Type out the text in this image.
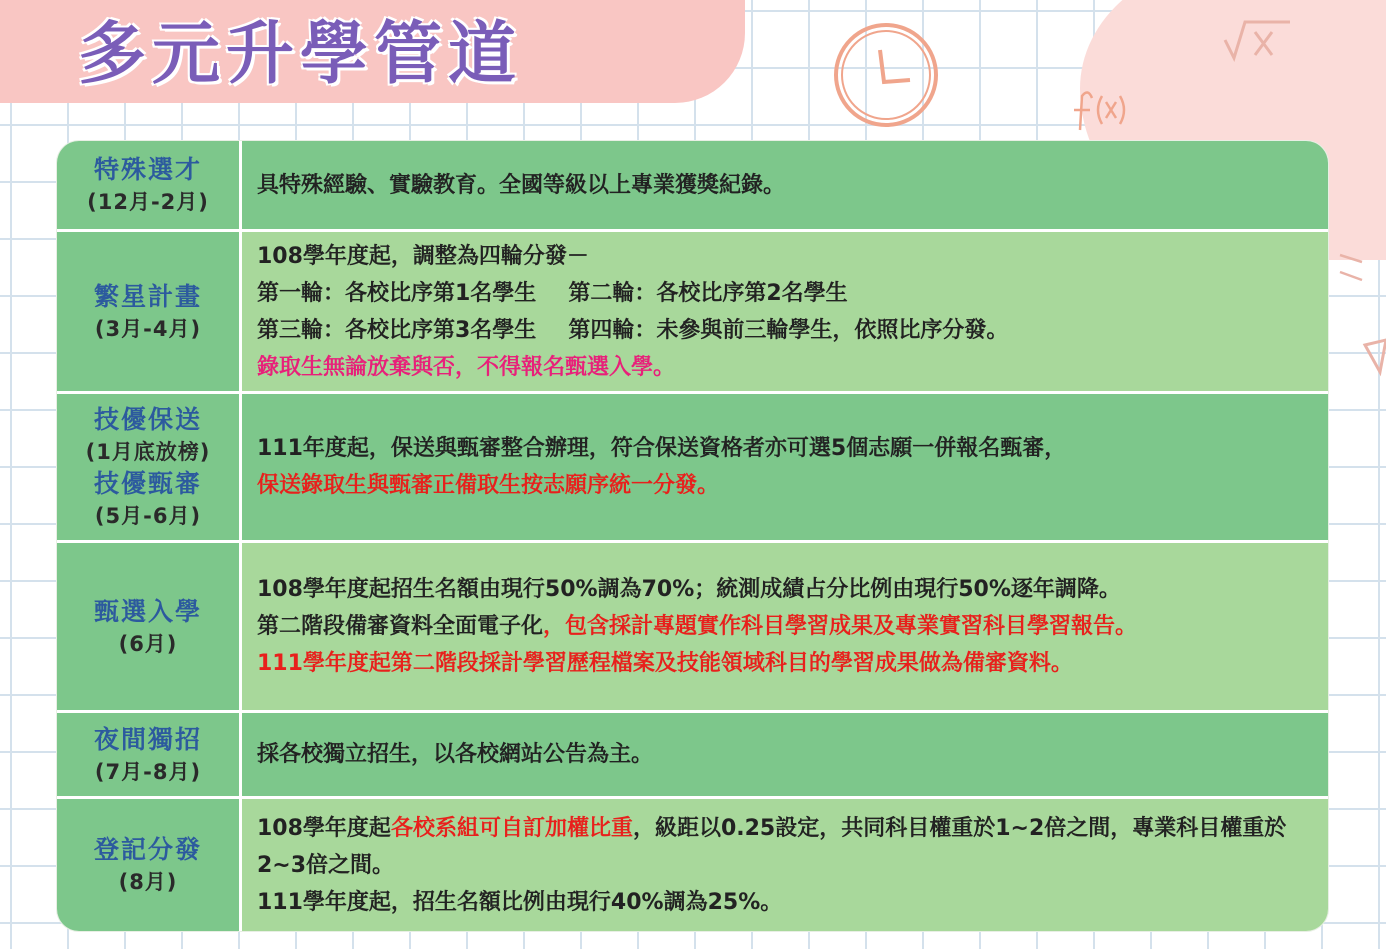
多元升學管道
特殊選才
(12月-2月)
具特殊經驗、實驗教育。全國等級以上專業獲獎紀錄。
繁星計畫
(3月-4月)
108學年度起，調整為四輪分發－
第一輪：各校比序第1名學生 第二輪：各校比序第2名學生
第三輪：各校比序第3名學生 第四輪：未參與前三輪學生，依照比序分發。
錄取生無論放棄與否，不得報名甄選入學。
技優保送
(1月底放榜)
技優甄審
(5月-6月)
111年度起，保送與甄審整合辦理，符合保送資格者亦可選5個志願一併報名甄審，
保送錄取生與甄審正備取生按志願序統一分發。
甄選入學
(6月)
108學年度起招生名額由現行50%調為70%；統測成績占分比例由現行50%逐年調降。
第二階段備審資料全面電子化，包含採計專題實作科目學習成果及專業實習科目學習報告。
111學年度起第二階段採計學習歷程檔案及技能領域科目的學習成果做為備審資料。
夜間獨招
(7月-8月)
採各校獨立招生，以各校網站公告為主。
登記分發
(8月)
108學年度起各校系組可自訂加權比重，級距以0.25設定，共同科目權重於1~2倍之間，專業科目權重於2~3倍之間。
111學年度起，招生名額比例由現行40%調為25%。
